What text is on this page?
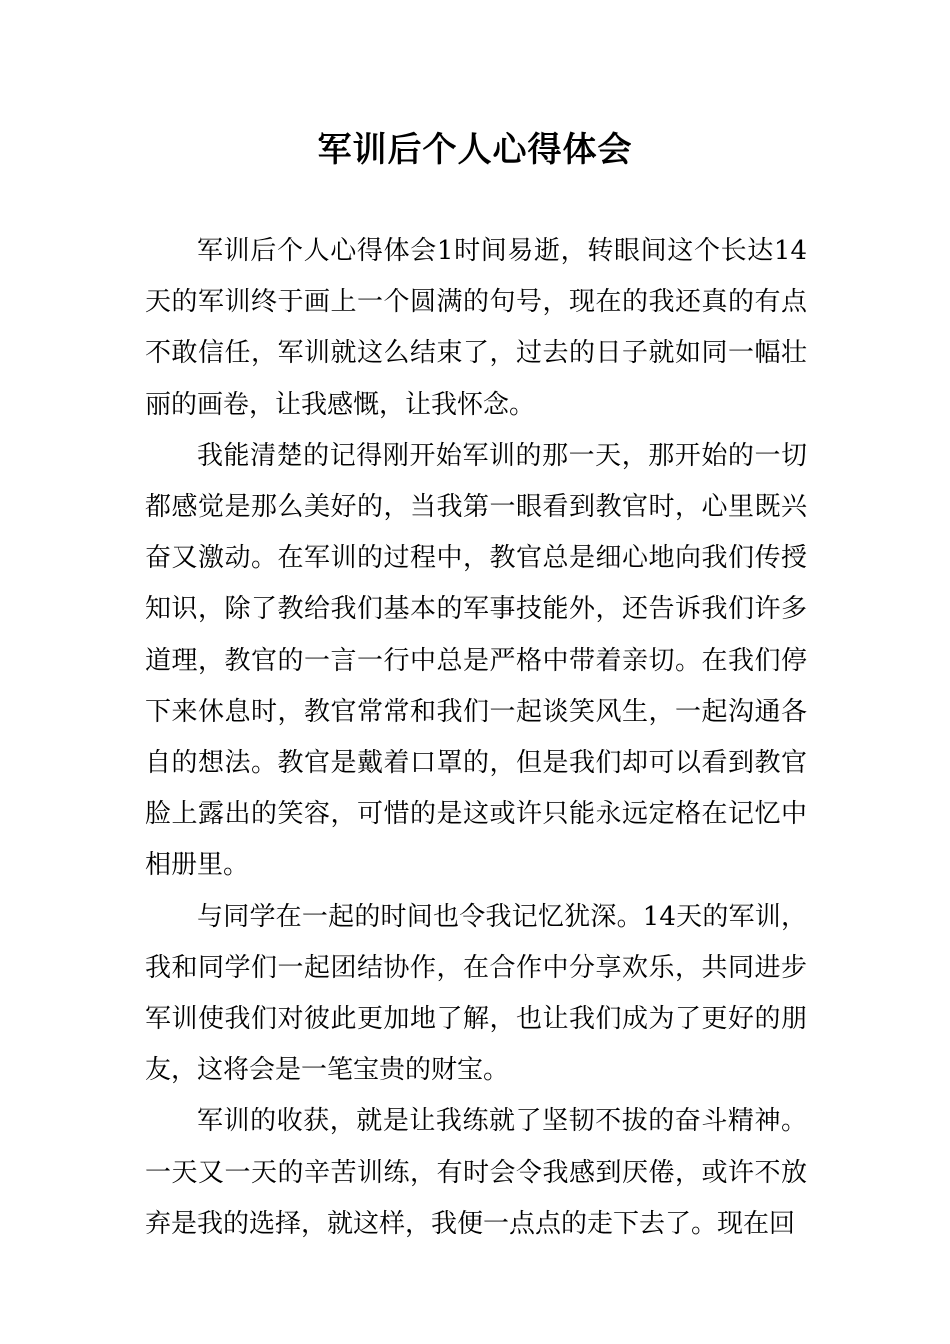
军训后个人心得体会

军训后个人心得体会1时间易逝，转眼间这个长达14天的军训终于画上一个圆满的句号，现在的我还真的有点不敢信任，军训就这么结束了，过去的日子就如同一幅壮丽的画卷，让我感慨，让我怀念。

我能清楚的记得刚开始军训的那一天，那开始的一切都感觉是那么美好的，当我第一眼看到教官时，心里既兴奋又激动。在军训的过程中，教官总是细心地向我们传授知识，除了教给我们基本的军事技能外，还告诉我们许多道理，教官的一言一行中总是严格中带着亲切。在我们停下来休息时，教官常常和我们一起谈笑风生，一起沟通各自的想法。教官是戴着口罩的，但是我们却可以看到教官脸上露出的笑容，可惜的是这或许只能永远定格在记忆中相册里。

与同学在一起的时间也令我记忆犹深。14天的军训，我和同学们一起团结协作，在合作中分享欢乐，共同进步军训使我们对彼此更加地了解，也让我们成为了更好的朋友，这将会是一笔宝贵的财宝。

军训的收获，就是让我练就了坚韧不拔的奋斗精神。一天又一天的辛苦训练，有时会令我感到厌倦，或许不放弃是我的选择，就这样，我便一点点的走下去了。现在回
